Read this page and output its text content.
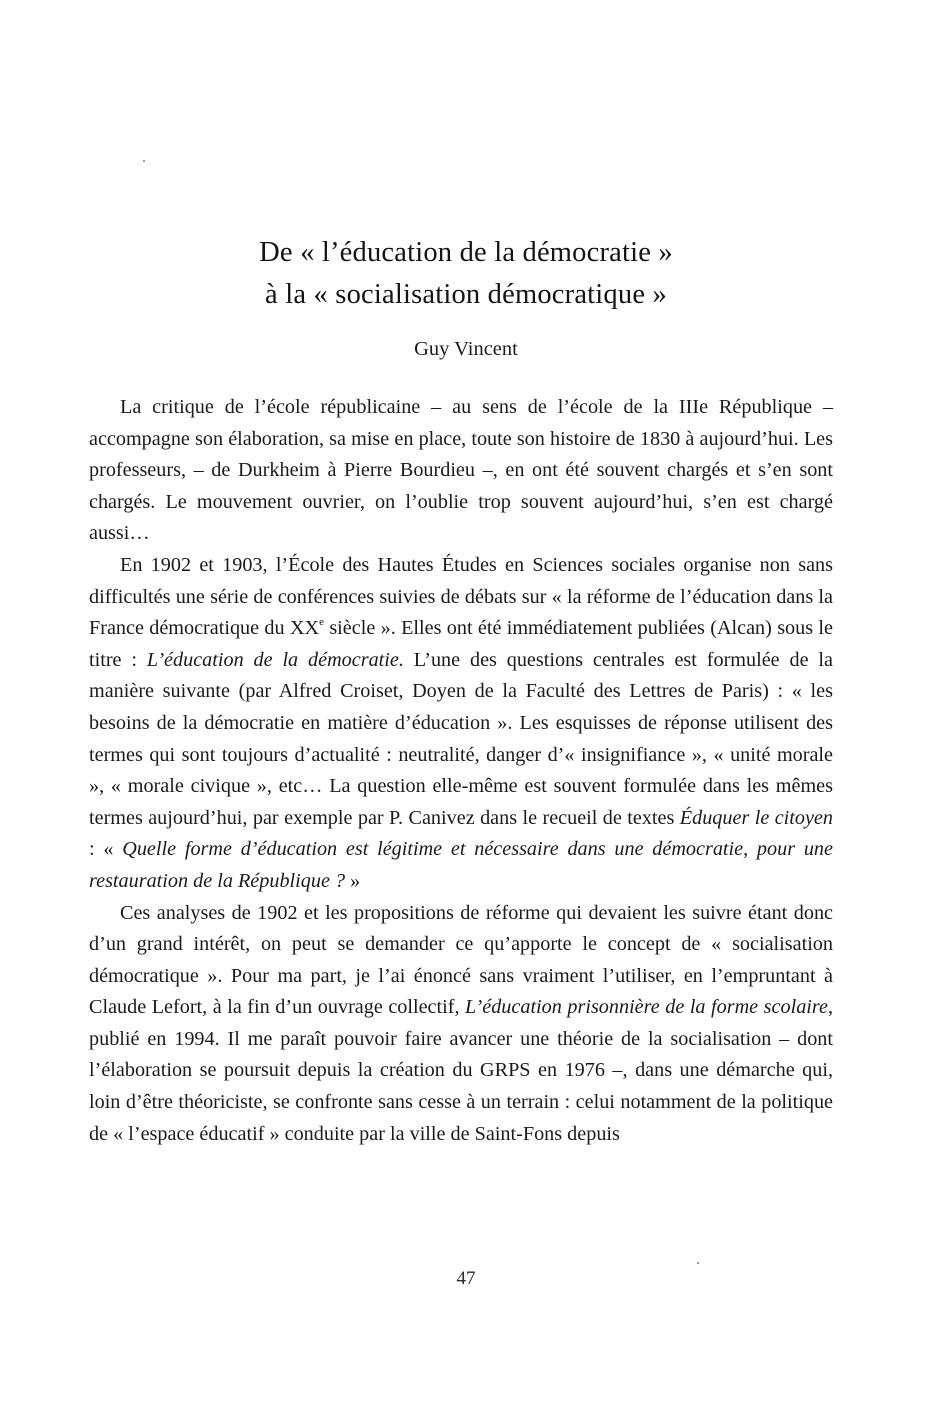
De « l’éducation de la démocratie »
à la « socialisation démocratique »
Guy Vincent

La critique de l’école républicaine – au sens de l’école de la IIIe République – accompagne son élaboration, sa mise en place, toute son histoire de 1830 à aujourd’hui. Les professeurs, – de Durkheim à Pierre Bourdieu –, en ont été souvent chargés et s’en sont chargés. Le mouvement ouvrier, on l’oublie trop souvent aujourd’hui, s’en est chargé aussi…

En 1902 et 1903, l’École des Hautes Études en Sciences sociales organise non sans difficultés une série de conférences suivies de débats sur « la réforme de l’éducation dans la France démocratique du XXe siècle ». Elles ont été immédiatement publiées (Alcan) sous le titre : L’éducation de la démocratie. L’une des questions centrales est formulée de la manière suivante (par Alfred Croiset, Doyen de la Faculté des Lettres de Paris) : « les besoins de la démocratie en matière d’éducation ». Les esquisses de réponse utilisent des termes qui sont toujours d’actualité : neutralité, danger d’« insignifiance », « unité morale », « morale civique », etc… La question elle-même est souvent formulée dans les mêmes termes aujourd’hui, par exemple par P. Canivez dans le recueil de textes Éduquer le citoyen : « Quelle forme d’éducation est légitime et nécessaire dans une démocratie, pour une restauration de la République ? »

Ces analyses de 1902 et les propositions de réforme qui devaient les suivre étant donc d’un grand intérêt, on peut se demander ce qu’apporte le concept de « socialisation démocratique ». Pour ma part, je l’ai énoncé sans vraiment l’utiliser, en l’empruntant à Claude Lefort, à la fin d’un ouvrage collectif, L’éducation prisonnière de la forme scolaire, publié en 1994. Il me paraît pouvoir faire avancer une théorie de la socialisation – dont l’élaboration se poursuit depuis la création du GRPS en 1976 –, dans une démarche qui, loin d’être théoriciste, se confronte sans cesse à un terrain : celui notamment de la politique de « l’espace éducatif » conduite par la ville de Saint-Fons depuis

47
